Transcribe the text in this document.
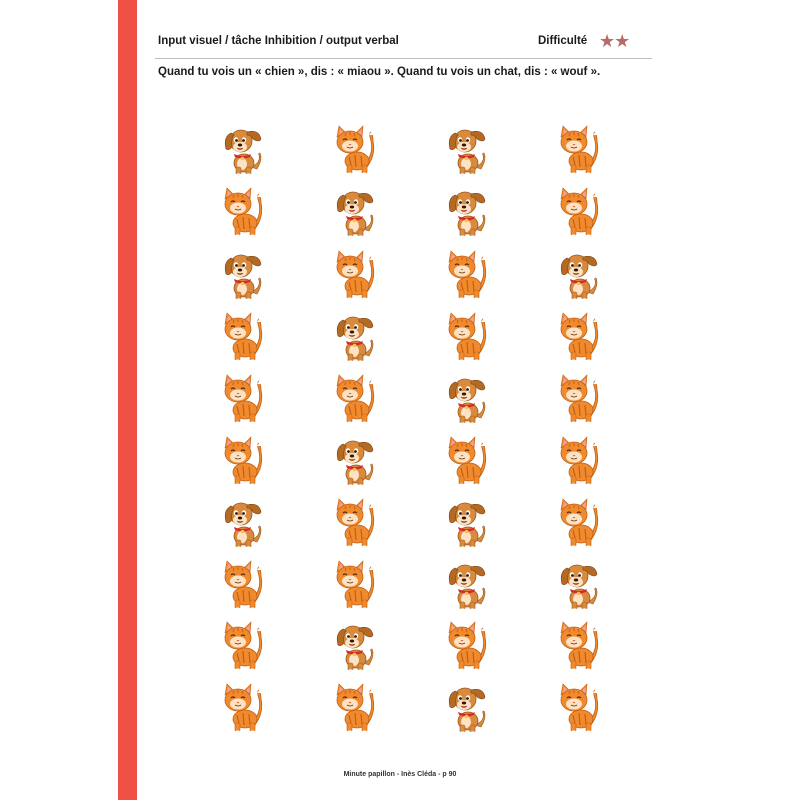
Input visuel / tâche Inhibition / output verbal	Difficulté ★★
Quand tu vois un « chien », dis : « miaou ». Quand tu vois un chat, dis : « wouf ».
Minute papillon - Inès Cléda - p 90
